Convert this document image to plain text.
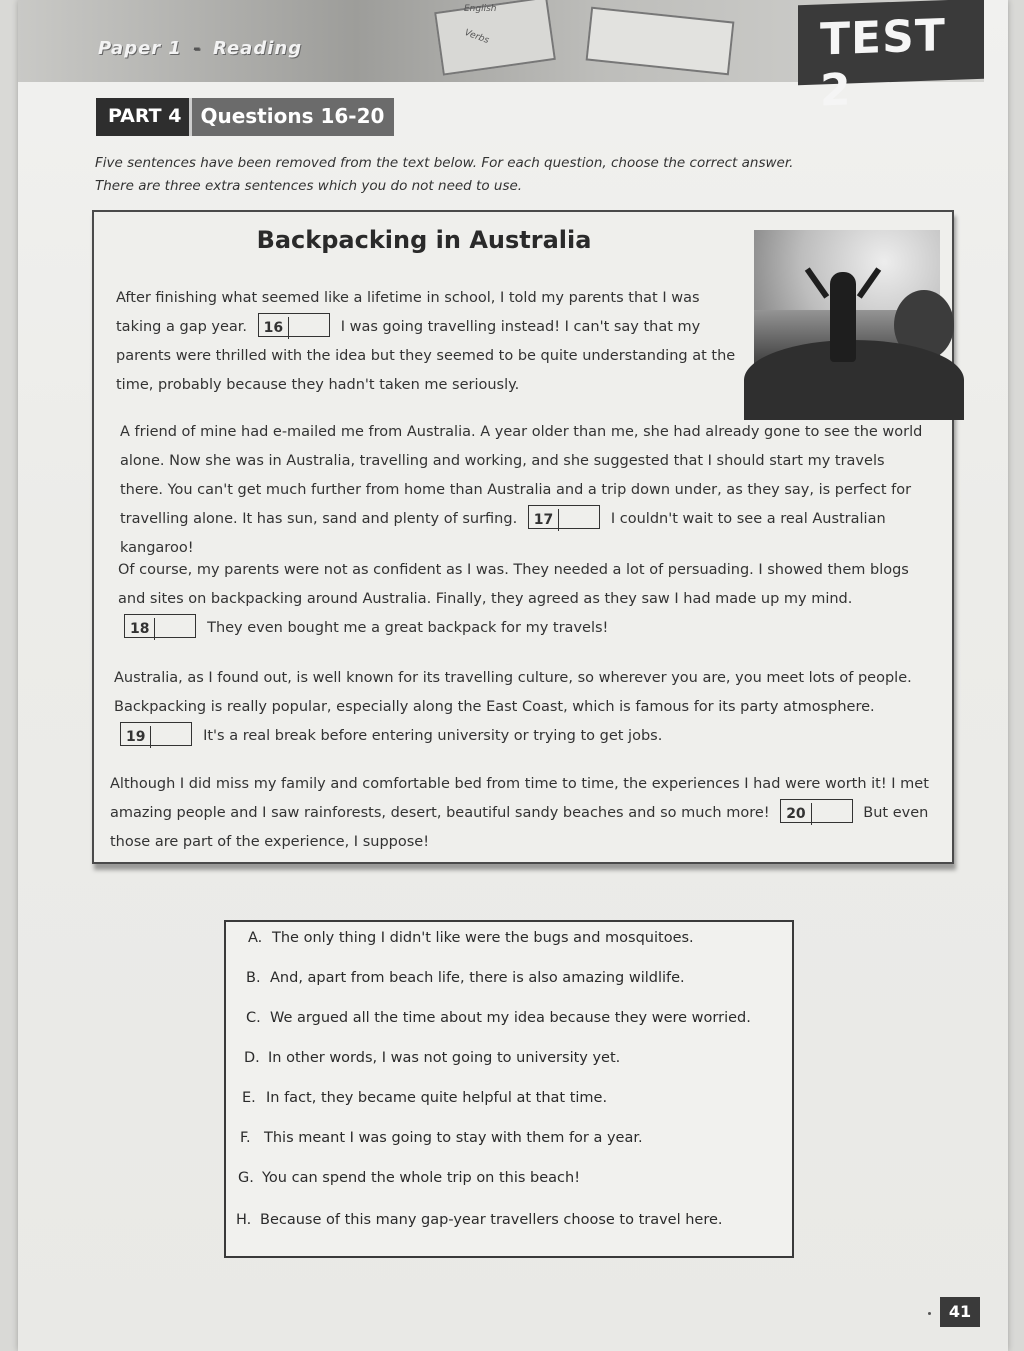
English
Verbs
Paper 1 - Reading	TEST 2
PART 4 Questions 16-20
Five sentences have been removed from the text below. For each question, choose the correct answer.
There are three extra sentences which you do not need to use.
Backpacking in Australia

After finishing what seemed like a lifetime in school, I told my parents that I was taking a gap year. 16	I was going travelling instead! I can't say that my parents were thrilled with the idea but they seemed to be quite understanding at the time, probably because they hadn't taken me seriously.

A friend of mine had e-mailed me from Australia. A year older than me, she had already gone to see the world alone. Now she was in Australia, travelling and working, and she suggested that I should start my travels there. You can't get much further from home than Australia and a trip down under, as they say, is perfect for travelling alone. It has sun, sand and plenty of surfing. 17	I couldn't wait to see a real Australian kangaroo!

Of course, my parents were not as confident as I was. They needed a lot of persuading. I showed them blogs and sites on backpacking around Australia. Finally, they agreed as they saw I had made up my mind. 18	They even bought me a great backpack for my travels!

Australia, as I found out, is well known for its travelling culture, so wherever you are, you meet lots of people. Backpacking is really popular, especially along the East Coast, which is famous for its party atmosphere. 19	It's a real break before entering university or trying to get jobs.

Although I did miss my family and comfortable bed from time to time, the experiences I had were worth it! I met amazing people and I saw rainforests, desert, beautiful sandy beaches and so much more! 20	But even those are part of the experience, I suppose!

A. The only thing I didn't like were the bugs and mosquitoes.
B. And, apart from beach life, there is also amazing wildlife.
C. We argued all the time about my idea because they were worried.
D. In other words, I was not going to university yet.
E. In fact, they became quite helpful at that time.
F. This meant I was going to stay with them for a year.
G. You can spend the whole trip on this beach!
H. Because of this many gap-year travellers choose to travel here.
41
